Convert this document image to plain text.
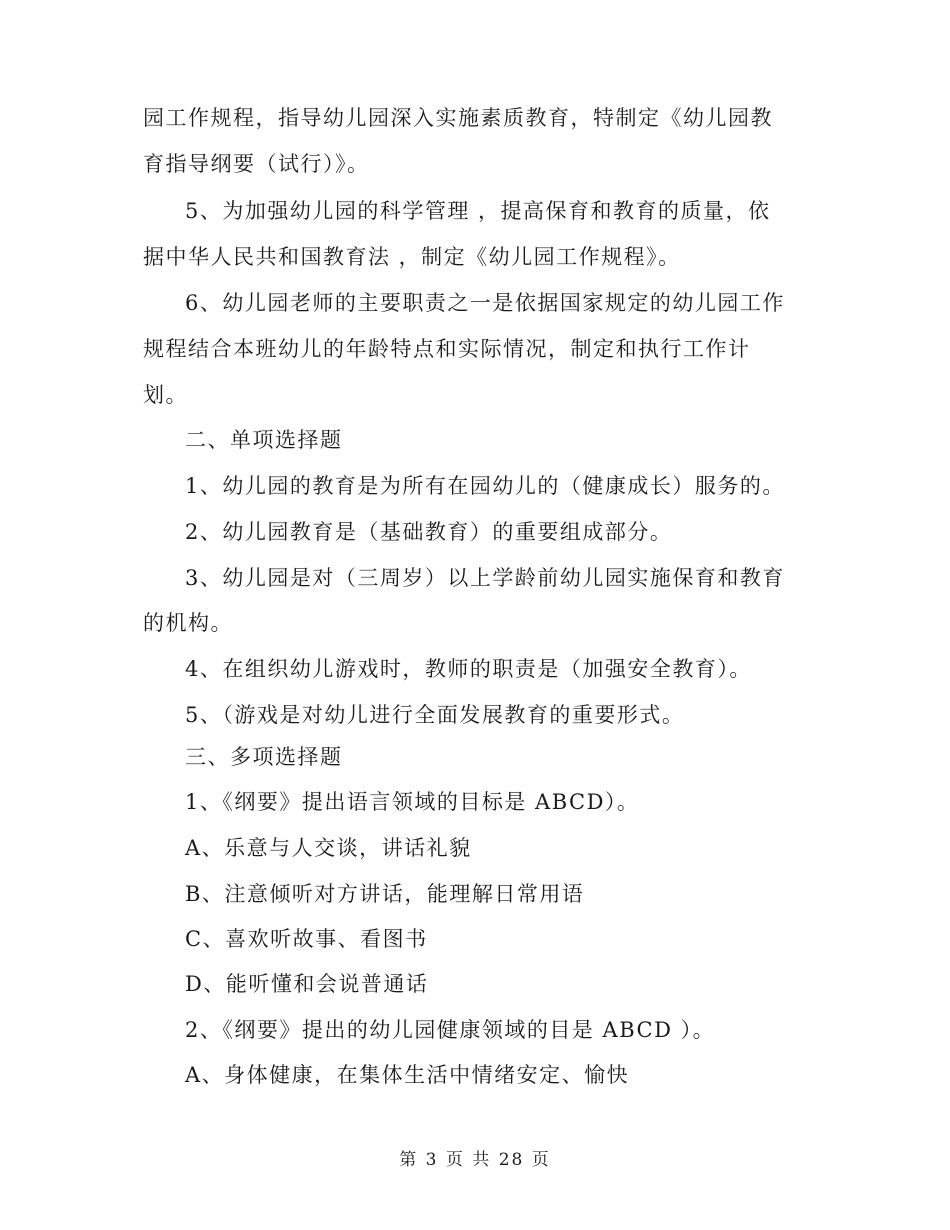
园工作规程，指导幼儿园深入实施素质教育，特制定《幼儿园教
育指导纲要（试行）》。
5、为加强幼儿园的科学管理 ，提高保育和教育的质量，依
据中华人民共和国教育法 ，制定《幼儿园工作规程》。
6、幼儿园老师的主要职责之一是依据国家规定的幼儿园工作
规程结合本班幼儿的年龄特点和实际情况，制定和执行工作计
划。
二、单项选择题
1、幼儿园的教育是为所有在园幼儿的（健康成长）服务的。
2、幼儿园教育是（基础教育）的重要组成部分。
3、幼儿园是对（三周岁）以上学龄前幼儿园实施保育和教育
的机构。
4、在组织幼儿游戏时，教师的职责是（加强安全教育）。
5、（游戏是对幼儿进行全面发展教育的重要形式。
三、多项选择题
1、《纲要》提出语言领域的目标是 ABCD）。
A、乐意与人交谈，讲话礼貌
B、注意倾听对方讲话，能理解日常用语
C、喜欢听故事、看图书
D、能听懂和会说普通话
2、《纲要》提出的幼儿园健康领域的目是 ABCD ）。
A、身体健康，在集体生活中情绪安定、愉快
第 3 页 共 28 页
